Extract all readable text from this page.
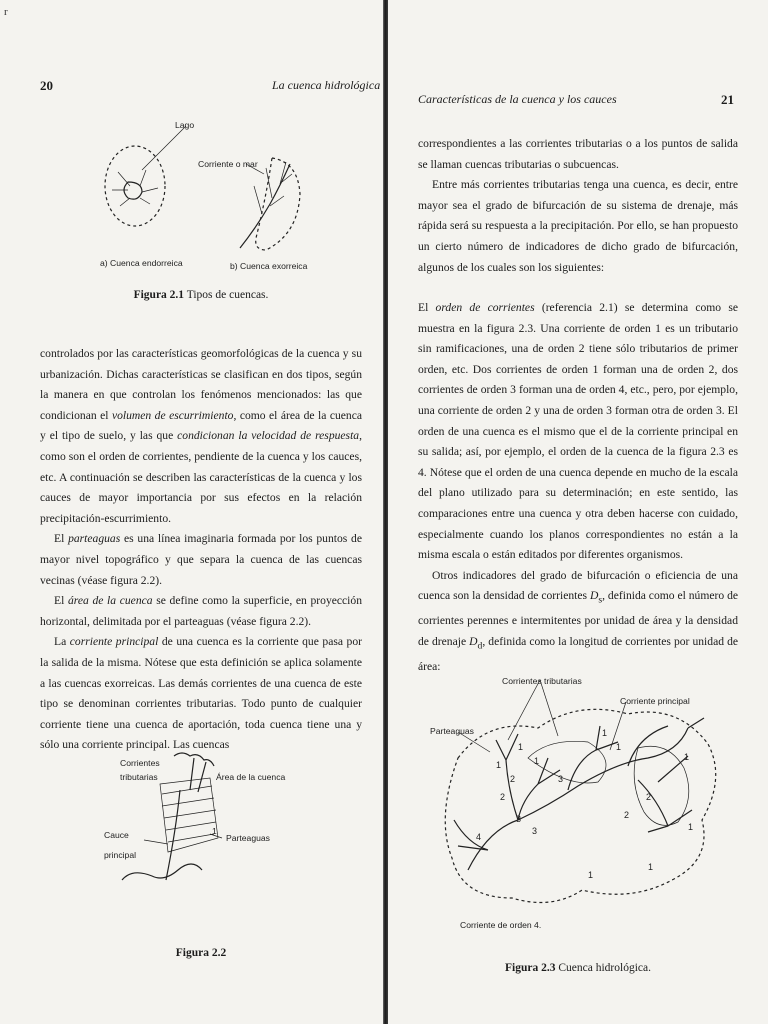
r
20	La cuenca hidrológica
Lago
Corriente o mar
a) Cuenca endorreica	b) Cuenca exorreica
Figura 2.1 Tipos de cuencas.

controlados por las características geomorfológicas de la cuenca y su urbanización. Dichas características se clasifican en dos tipos, según la manera en que controlan los fenómenos mencionados: las que condicionan el volumen de escurrimiento, como el área de la cuenca y el tipo de suelo, y las que condicionan la velocidad de respuesta, como son el orden de corrientes, pendiente de la cuenca y los cauces, etc. A continuación se describen las características de la cuenca y los cauces de mayor importancia por sus efectos en la relación precipitación-escurrimiento.

El parteaguas es una línea imaginaria formada por los puntos de mayor nivel topográfico y que separa la cuenca de las cuencas vecinas (véase figura 2.2).

El área de la cuenca se define como la superficie, en proyección horizontal, delimitada por el parteaguas (véase figura 2.2).

La corriente principal de una cuenca es la corriente que pasa por la salida de la misma. Nótese que esta definición se aplica solamente a las cuencas exorreicas. Las demás corrientes de una cuenca de este tipo se denominan corrientes tributarias. Todo punto de cualquier corriente tiene una cuenca de aportación, toda cuenca tiene una y sólo una corriente principal. Las cuencas

Corrientes
tributarias	Área de la cuenca
Cauce
principal
Parteaguas
1
Figura 2.2
Características de la cuenca y los cauces	21

correspondientes a las corrientes tributarias o a los puntos de salida se llaman cuencas tributarias o subcuencas.

Entre más corrientes tributarias tenga una cuenca, es decir, entre mayor sea el grado de bifurcación de su sistema de drenaje, más rápida será su respuesta a la precipitación. Por ello, se han propuesto un cierto número de indicadores de dicho grado de bifurcación, algunos de los cuales son los siguientes:

El orden de corrientes (referencia 2.1) se determina como se muestra en la figura 2.3. Una corriente de orden 1 es un tributario sin ramificaciones, una de orden 2 tiene sólo tributarios de primer orden, etc. Dos corrientes de orden 1 forman una de orden 2, dos corrientes de orden 3 forman una de orden 4, etc., pero, por ejemplo, una corriente de orden 2 y una de orden 3 forman otra de orden 3. El orden de una cuenca es el mismo que el de la corriente principal en su salida; así, por ejemplo, el orden de la cuenca de la figura 2.3 es 4. Nótese que el orden de una cuenca depende en mucho de la escala del plano utilizado para su determinación; en este sentido, las comparaciones entre una cuenca y otra deben hacerse con cuidado, especialmente cuando los planos correspondientes no están a la misma escala o están editados por diferentes organismos.

Otros indicadores del grado de bifurcación o eficiencia de una cuenca son la densidad de corrientes $D_s$, definida como el número de corrientes perennes e intermitentes por unidad de área y la densidad de drenaje $D_d$, definida como la longitud de corrientes por unidad de área:

Corrientes tributarias
Corriente principal
Parteaguas
Corriente de orden 4.
1
1
2
1
2
3
3
4
3
1
1
2
2
1
1
1
1
Figura 2.3 Cuenca hidrológica.
